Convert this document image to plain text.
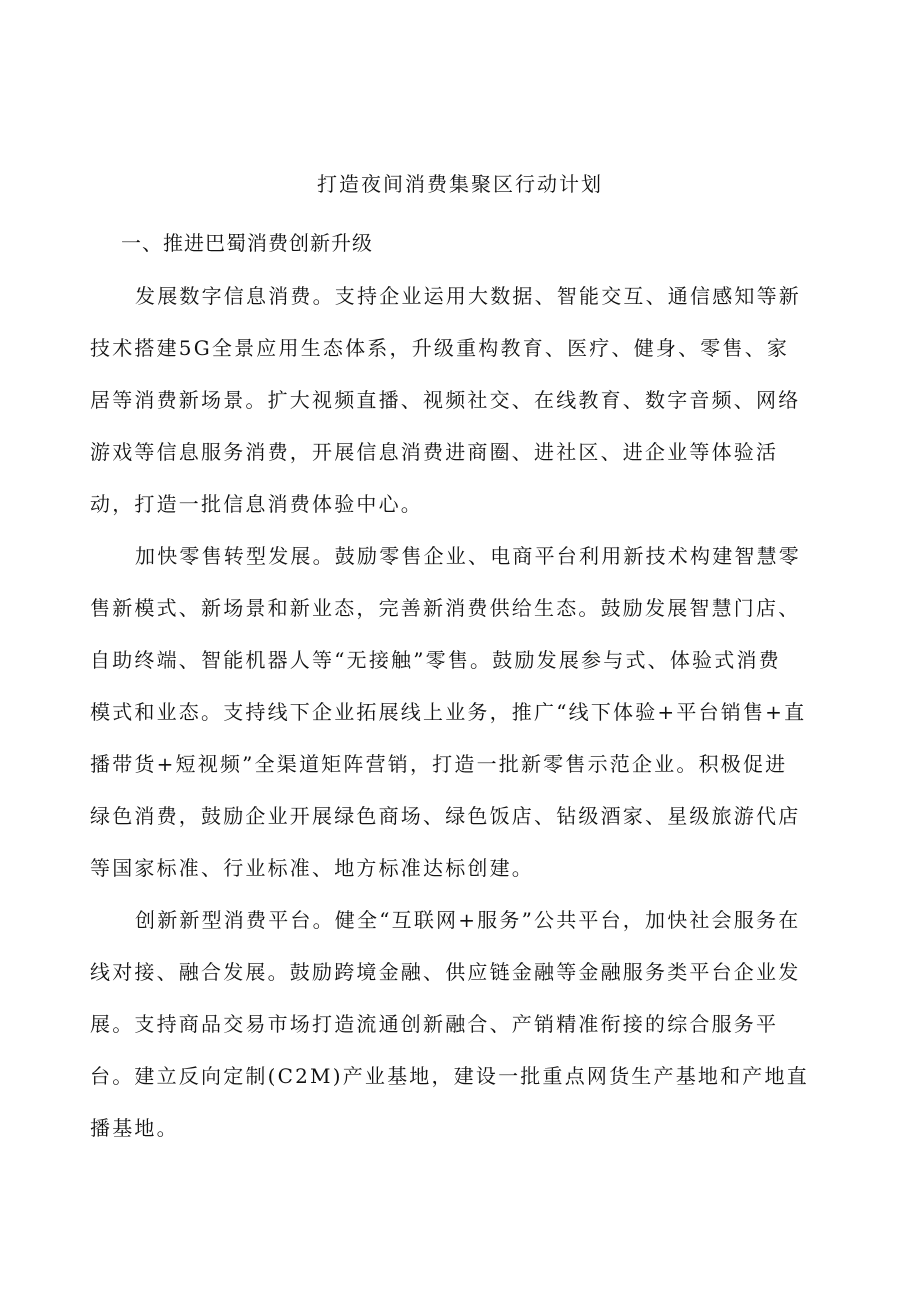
打造夜间消费集聚区行动计划
一、推进巴蜀消费创新升级
发展数字信息消费。支持企业运用大数据、智能交互、通信感知等新
技术搭建5G全景应用生态体系，升级重构教育、医疗、健身、零售、家
居等消费新场景。扩大视频直播、视频社交、在线教育、数字音频、网络
游戏等信息服务消费，开展信息消费进商圈、进社区、进企业等体验活
动，打造一批信息消费体验中心。
加快零售转型发展。鼓励零售企业、电商平台利用新技术构建智慧零
售新模式、新场景和新业态，完善新消费供给生态。鼓励发展智慧门店、
自助终端、智能机器人等“无接触”零售。鼓励发展参与式、体验式消费
模式和业态。支持线下企业拓展线上业务，推广“线下体验+平台销售+直
播带货+短视频”全渠道矩阵营销，打造一批新零售示范企业。积极促进
绿色消费，鼓励企业开展绿色商场、绿色饭店、钻级酒家、星级旅游代店
等国家标准、行业标准、地方标准达标创建。
创新新型消费平台。健全“互联网+服务”公共平台，加快社会服务在
线对接、融合发展。鼓励跨境金融、供应链金融等金融服务类平台企业发
展。支持商品交易市场打造流通创新融合、产销精准衔接的综合服务平
台。建立反向定制(C2M)产业基地，建设一批重点网货生产基地和产地直
播基地。
